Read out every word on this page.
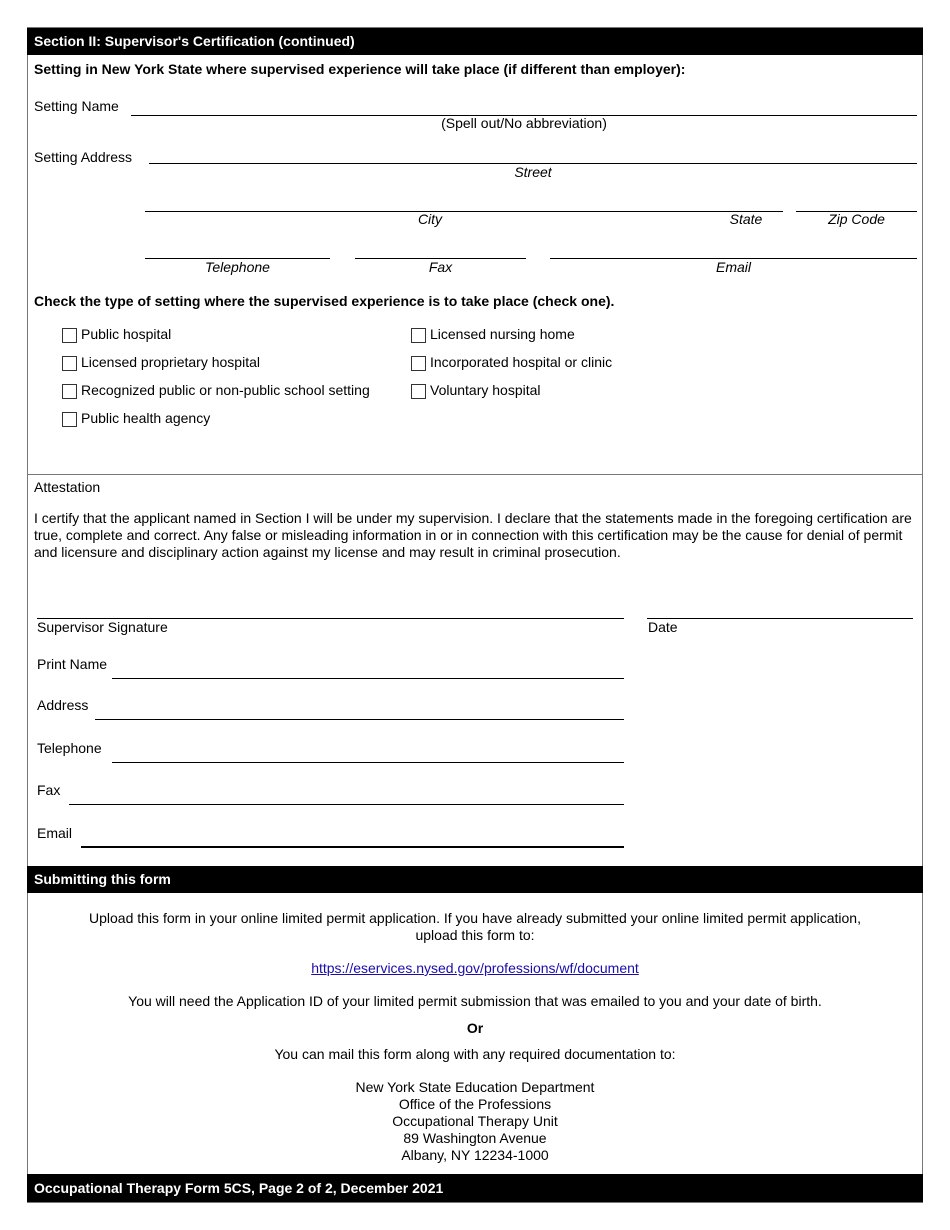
Section II: Supervisor's Certification (continued)
Setting in New York State where supervised experience will take place (if different than employer):
Setting Name
(Spell out/No abbreviation)
Setting Address
Street
City	State	Zip Code
Telephone	Fax	Email
Check the type of setting where the supervised experience is to take place (check one).
Public hospital
Licensed proprietary hospital
Recognized public or non-public school setting
Public health agency
Licensed nursing home
Incorporated hospital or clinic
Voluntary hospital
Attestation
I certify that the applicant named in Section I will be under my supervision. I declare that the statements made in the foregoing certification are true, complete and correct. Any false or misleading information in or in connection with this certification may be the cause for denial of permit and licensure and disciplinary action against my license and may result in criminal prosecution.
Supervisor Signature	Date
Print Name
Address
Telephone
Fax
Email
Submitting this form
Upload this form in your online limited permit application. If you have already submitted your online limited permit application, upload this form to:
https://eservices.nysed.gov/professions/wf/document
You will need the Application ID of your limited permit submission that was emailed to you and your date of birth.
Or
You can mail this form along with any required documentation to:
New York State Education Department
Office of the Professions
Occupational Therapy Unit
89 Washington Avenue
Albany, NY 12234-1000
Occupational Therapy Form 5CS, Page 2 of 2, December 2021
